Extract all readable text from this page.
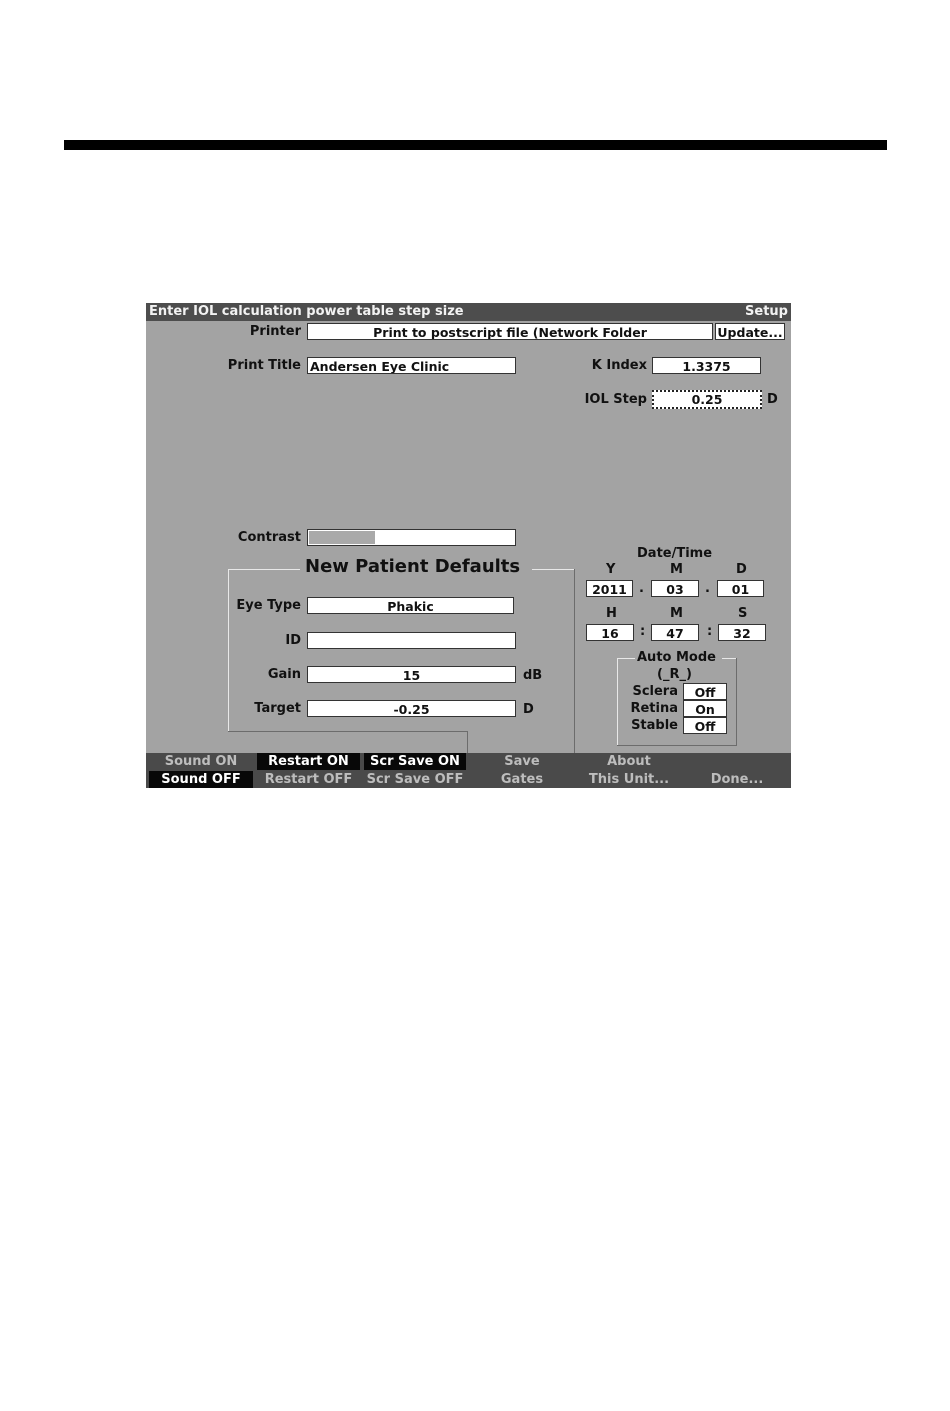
Enter IOL calculation power table step size	Setup
Printer	Print to postscript file (Network Folder	Update...
Print Title Andersen Eye Clinic	K Index	1.3375
IOL Step	0.25	D
Contrast
New Patient Defaults
Eye Type	Phakic
ID
Gain	15	dB
Target	-0.25	D
Date/Time
Y	M	D
2011 .	03	.	01
H	M	S
16	:	47	:	32
Auto Mode
(_R_)
Sclera	Off
Retina	On
Stable	Off
Sound ON
Sound OFF
Restart ON
Restart OFF
Scr Save ON
Scr Save OFF
Save
Gates
About
This Unit...	Done...
